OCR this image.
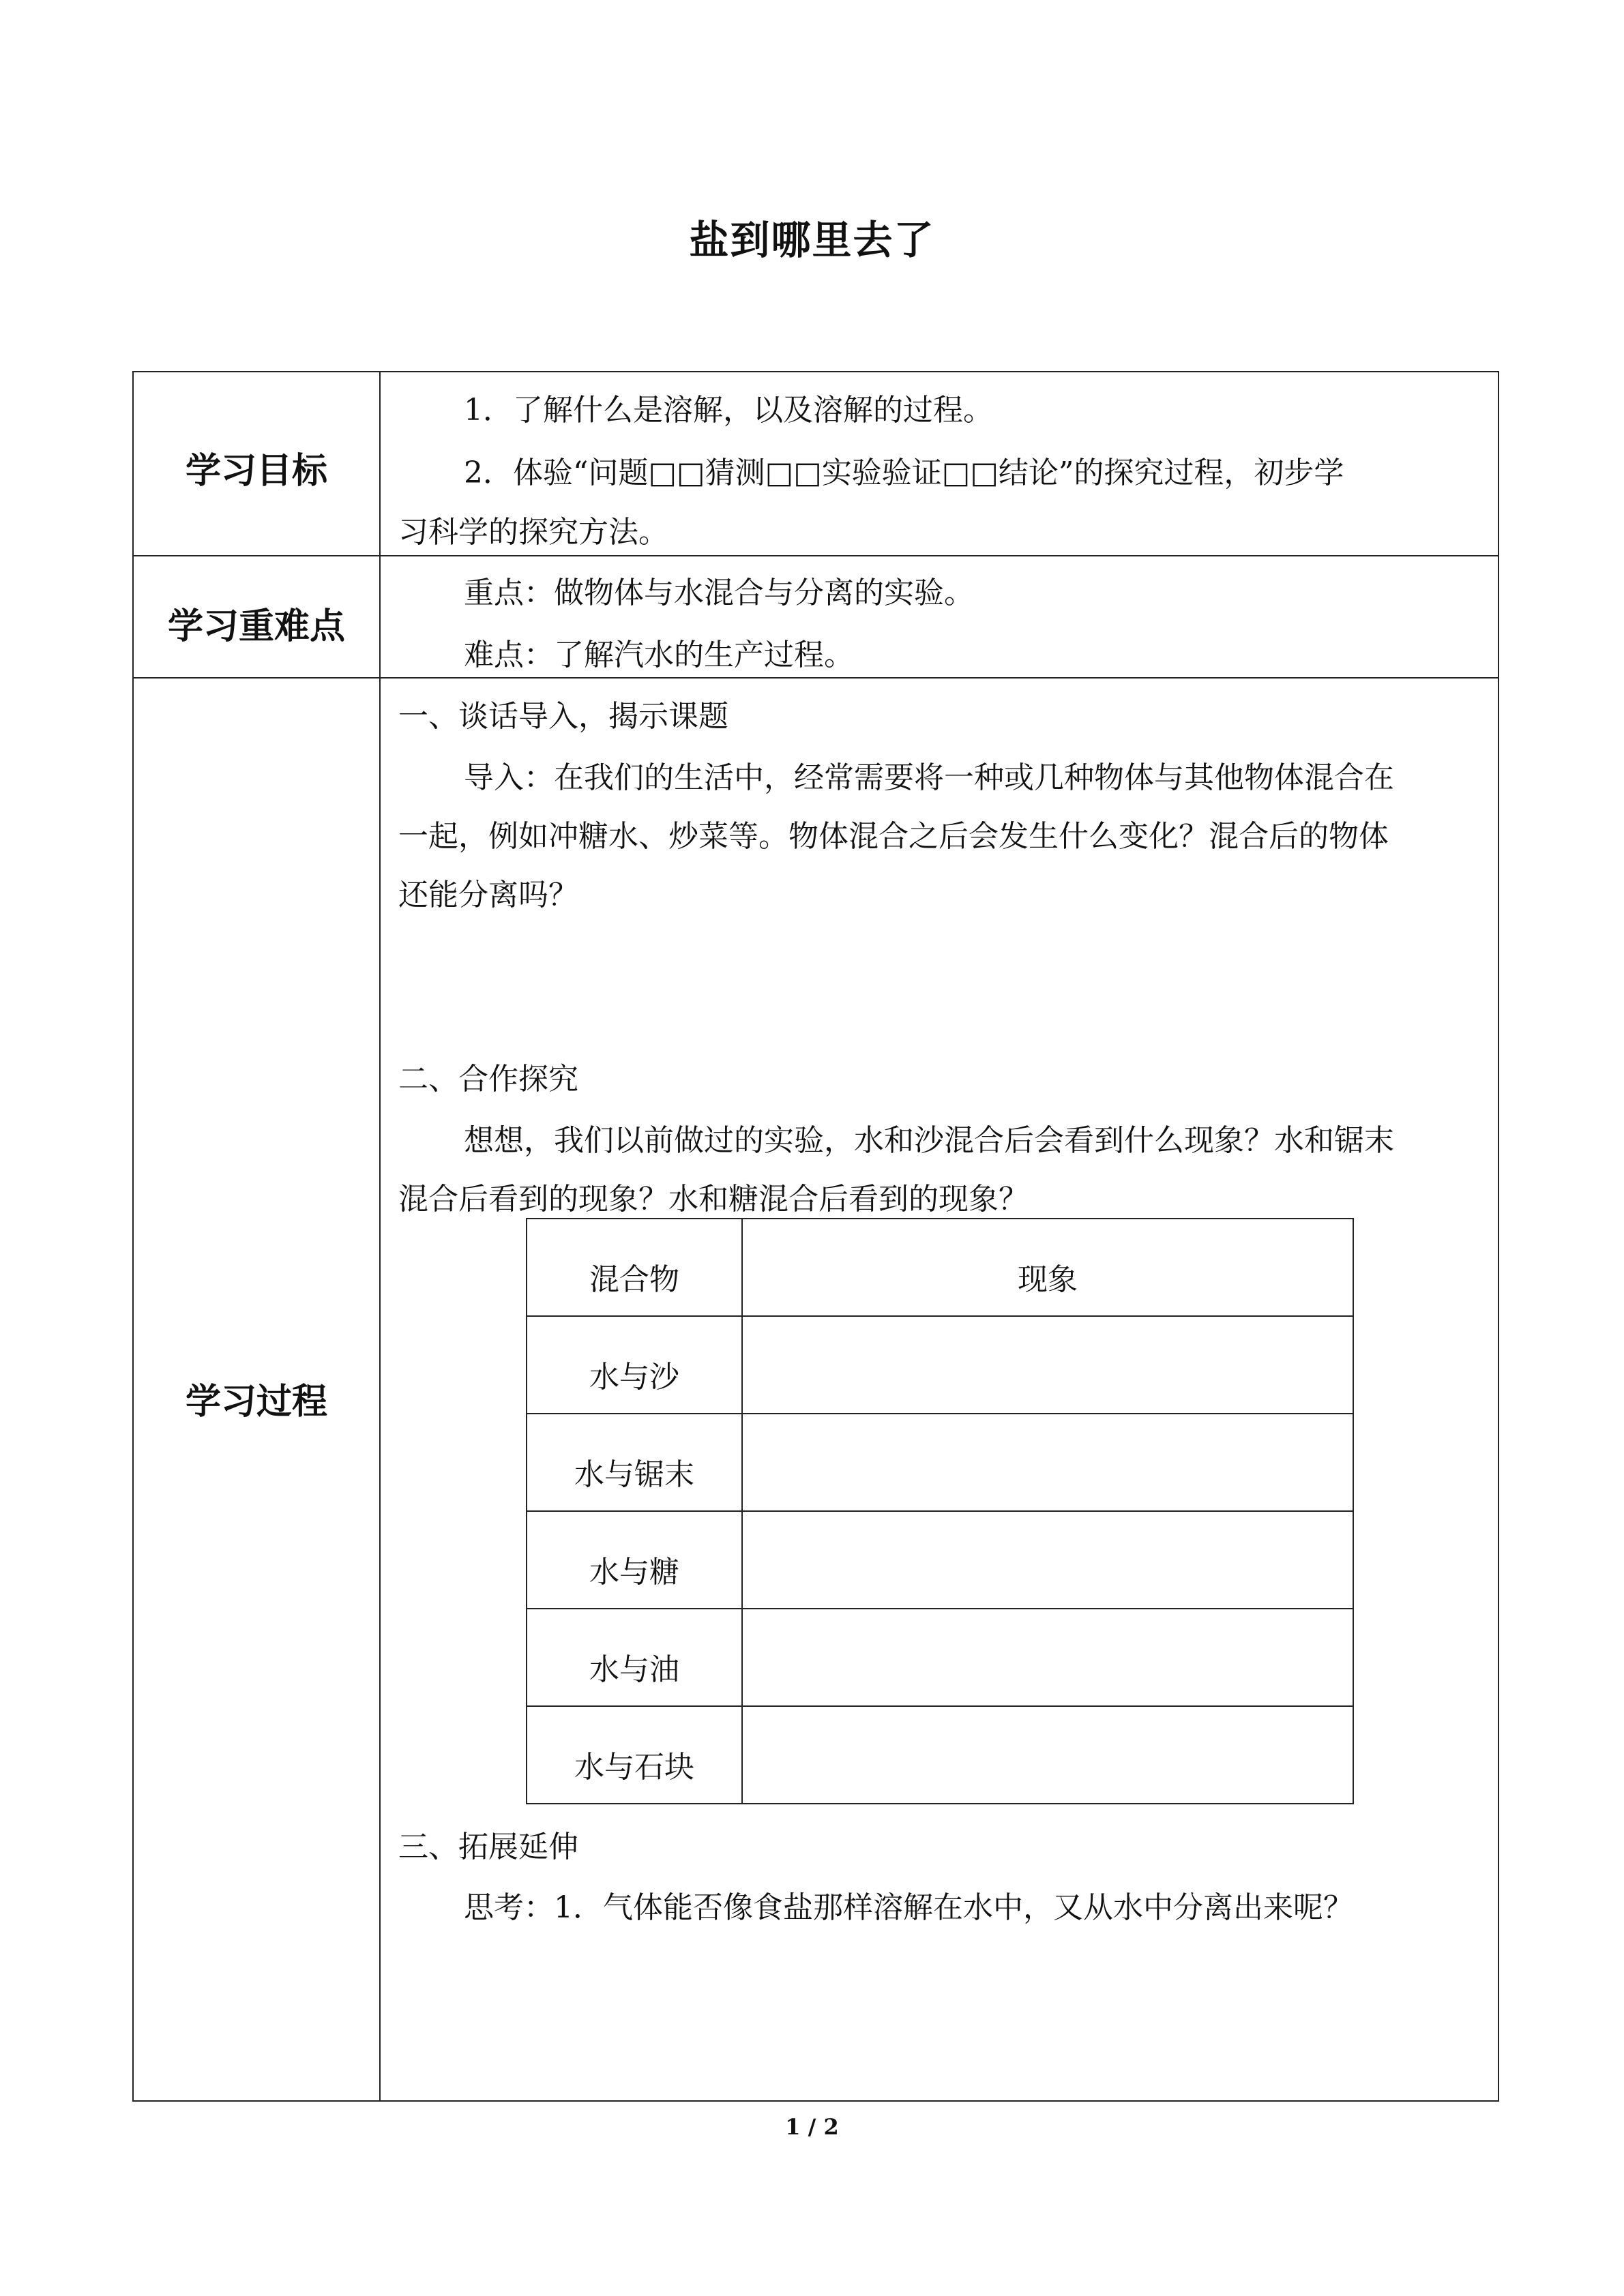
盐到哪里去了
学习目标
1．了解什么是溶解，以及溶解的过程。
2．体验“问题□□猜测□□实验验证□□结论”的探究过程，初步学
习科学的探究方法。
学习重难点
重点：做物体与水混合与分离的实验。
难点：了解汽水的生产过程。
学习过程
一、谈话导入，揭示课题
导入：在我们的生活中，经常需要将一种或几种物体与其他物体混合在
一起，例如冲糖水、炒菜等。物体混合之后会发生什么变化？混合后的物体
还能分离吗？
二、合作探究
想想，我们以前做过的实验，水和沙混合后会看到什么现象？水和锯末
混合后看到的现象？水和糖混合后看到的现象？
混合物	现象
水与沙
水与锯末
水与糖
水与油
水与石块
三、拓展延伸
思考：1．气体能否像食盐那样溶解在水中，又从水中分离出来呢？
1 / 2
